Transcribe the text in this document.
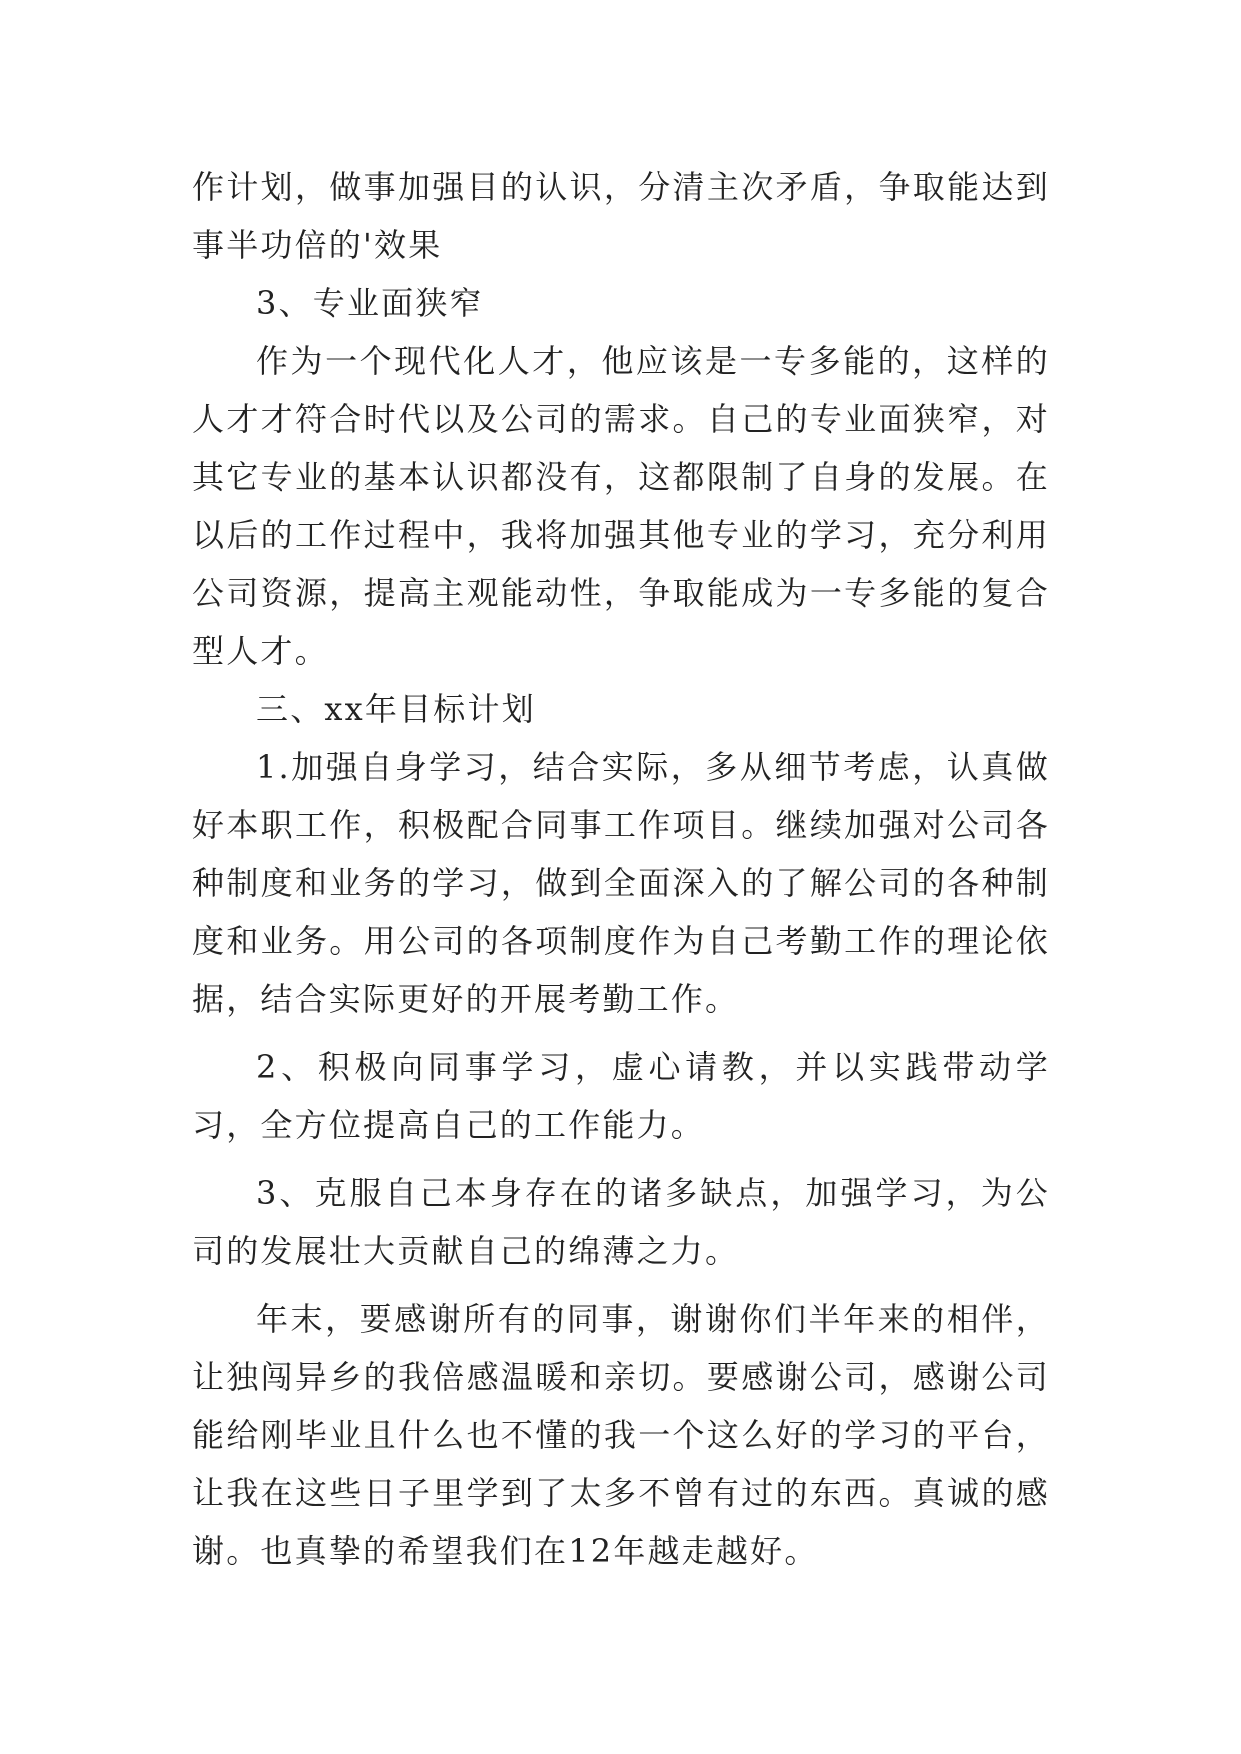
作计划，做事加强目的认识，分清主次矛盾，争取能达到事半功倍的'效果

3、专业面狭窄

作为一个现代化人才，他应该是一专多能的，这样的人才才符合时代以及公司的需求。自己的专业面狭窄，对其它专业的基本认识都没有，这都限制了自身的发展。在以后的工作过程中，我将加强其他专业的学习，充分利用公司资源，提高主观能动性，争取能成为一专多能的复合型人才。

三、xx年目标计划

1.加强自身学习，结合实际，多从细节考虑，认真做好本职工作，积极配合同事工作项目。继续加强对公司各种制度和业务的学习，做到全面深入的了解公司的各种制度和业务。用公司的各项制度作为自己考勤工作的理论依据，结合实际更好的开展考勤工作。

2、积极向同事学习，虚心请教，并以实践带动学习，全方位提高自己的工作能力。

3、克服自己本身存在的诸多缺点，加强学习，为公司的发展壮大贡献自己的绵薄之力。

年末，要感谢所有的同事，谢谢你们半年来的相伴，让独闯异乡的我倍感温暖和亲切。要感谢公司，感谢公司能给刚毕业且什么也不懂的我一个这么好的学习的平台，让我在这些日子里学到了太多不曾有过的东西。真诚的感谢。也真挚的希望我们在12年越走越好。
